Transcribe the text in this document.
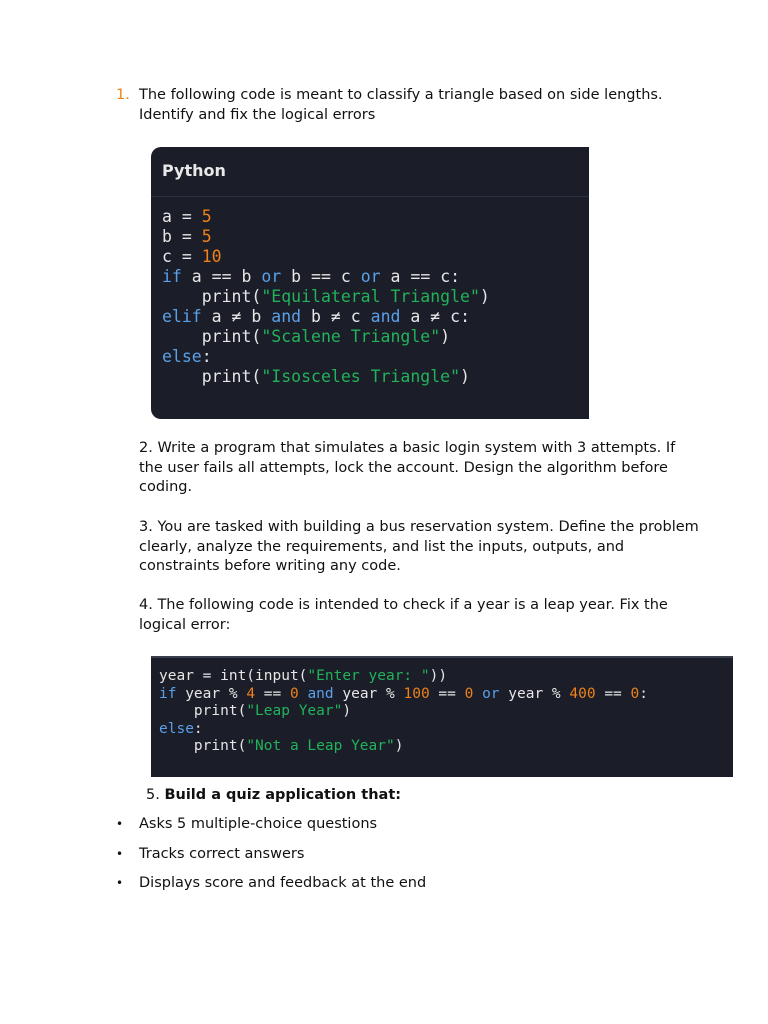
1. The following code is meant to classify a triangle based on side lengths. Identify and fix the logical errors

Python

a = 5
b = 5
c = 10
if a == b or b == c or a == c:
print("Equilateral Triangle")
elif a ≠ b and b ≠ c and a ≠ c:
print("Scalene Triangle")
else:
print("Isosceles Triangle")

2. Write a program that simulates a basic login system with 3 attempts. If the user fails all attempts, lock the account. Design the algorithm before coding.
3. You are tasked with building a bus reservation system. Define the problem clearly, analyze the requirements, and list the inputs, outputs, and constraints before writing any code.
4. The following code is intended to check if a year is a leap year. Fix the logical error:

year = int(input("Enter year: "))
if year % 4 == 0 and year % 100 == 0 or year % 400 == 0:
print("Leap Year")
else:
print("Not a Leap Year")

5. Build a quiz application that:
• Asks 5 multiple-choice questions
• Tracks correct answers
• Displays score and feedback at the end
